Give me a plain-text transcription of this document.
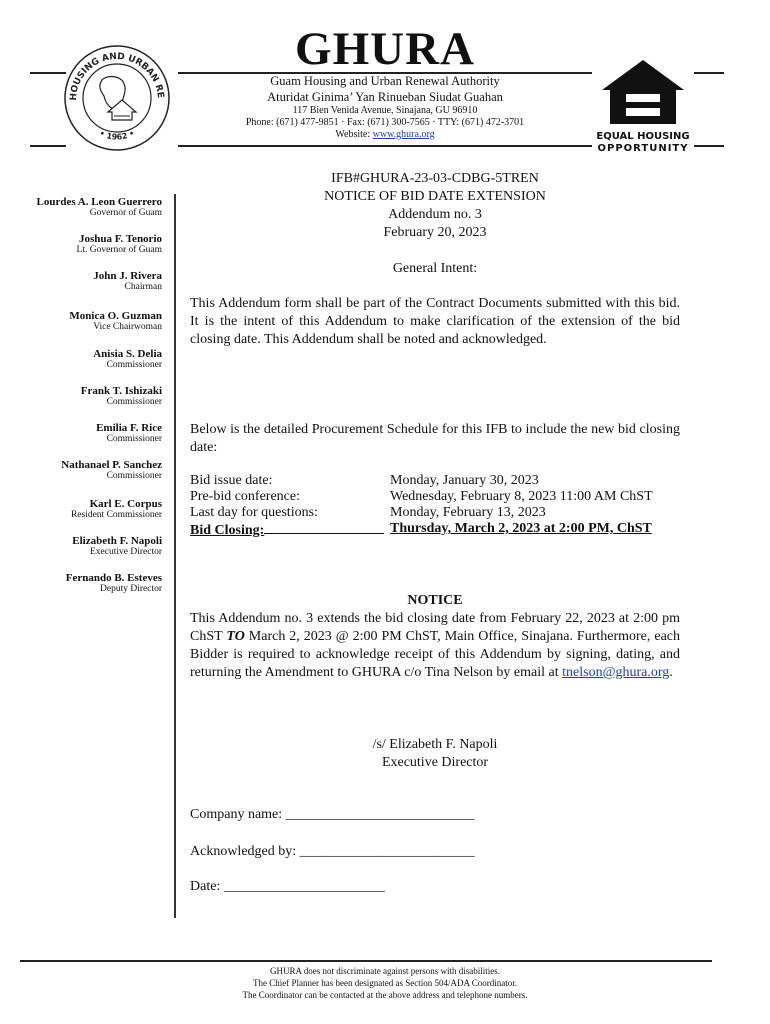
HOUSING AND URBAN RE
• 1962 •
GHURA
Guam Housing and Urban Renewal Authority
Aturidat Ginima’ Yan Rinueban Siudat Guahan
117 Bien Venida Avenue, Sinajana, GU 96910
Phone: (671) 477-9851 · Fax: (671) 300-7565 · TTY: (671) 472-3701
Website: www.ghura.org	EQUAL HOUSING
OPPORTUNITY
Lourdes A. Leon Guerrero
Governor of Guam
Joshua F. Tenorio
Lt. Governor of Guam
John J. Rivera
Chairman
Monica O. Guzman
Vice Chairwoman
Anisia S. Delia
Commissioner
Frank T. Ishizaki
Commissioner
Emilia F. Rice
Commissioner
Nathanael P. Sanchez
Commissioner
Karl E. Corpus
Resident Commissioner
Elizabeth F. Napoli
Executive Director
Fernando B. Esteves
Deputy Director
IFB#GHURA-23-03-CDBG-5TREN
NOTICE OF BID DATE EXTENSION
Addendum no. 3
February 20, 2023
General Intent:
This Addendum form shall be part of the Contract Documents submitted with this bid. It is the intent of this Addendum to make clarification of the extension of the bid closing date. This Addendum shall be noted and acknowledged.
Below is the detailed Procurement Schedule for this IFB to include the new bid closing date:
Bid issue date:	Monday, January 30, 2023
Pre-bid conference:	Wednesday, February 8, 2023 11:00 AM ChST
Last day for questions:	Monday, February 13, 2023
Bid Closing:	Thursday, March 2, 2023 at 2:00 PM, ChST
NOTICE
This Addendum no. 3 extends the bid closing date from February 22, 2023 at 2:00 pm ChST TO March 2, 2023 @ 2:00 PM ChST, Main Office, Sinajana. Furthermore, each Bidder is required to acknowledge receipt of this Addendum by signing, dating, and returning the Amendment to GHURA c/o Tina Nelson by email at tnelson@ghura.org.
/s/ Elizabeth F. Napoli
Executive Director
Company name: ___________________________
Acknowledged by: _________________________
Date: _______________________
GHURA does not discriminate against persons with disabilities.
The Chief Planner has been designated as Section 504/ADA Coordinator.
The Coordinator can be contacted at the above address and telephone numbers.
